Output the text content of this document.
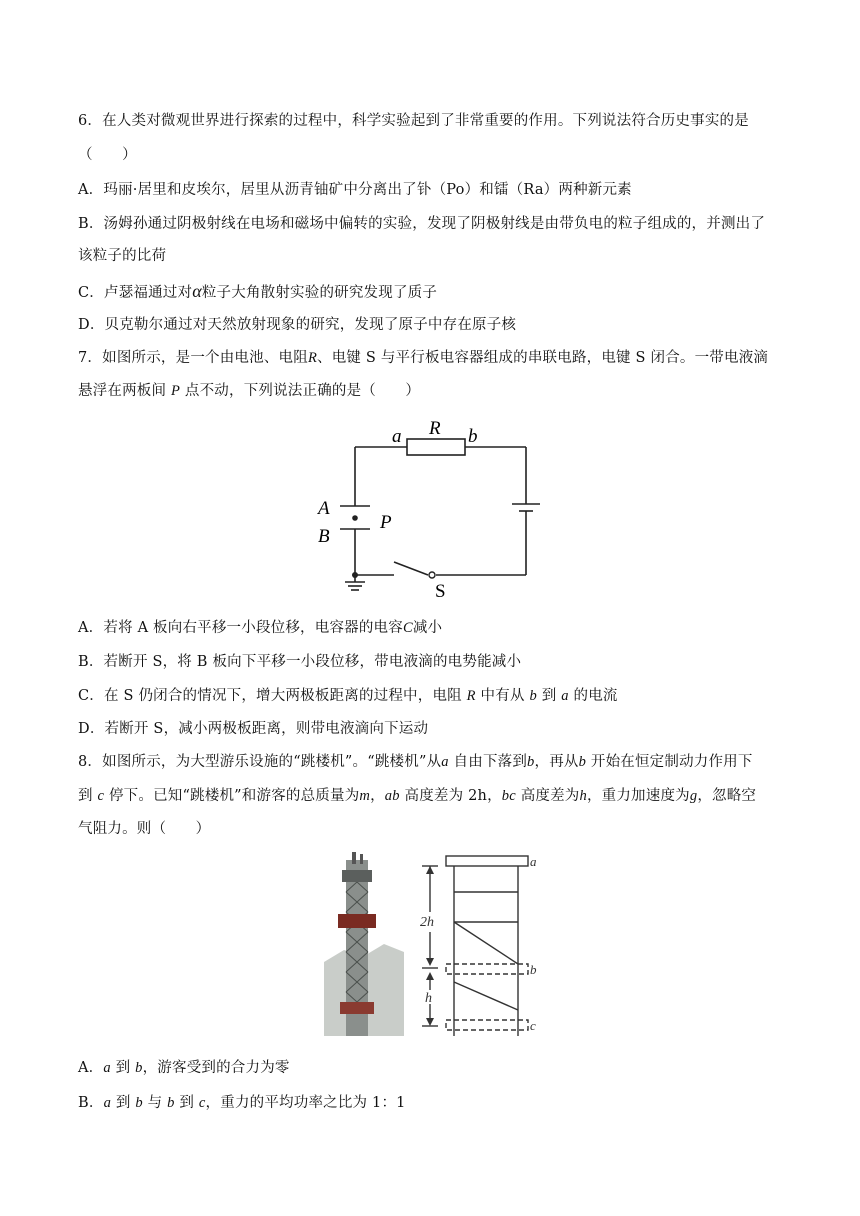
6．在人类对微观世界进行探索的过程中，科学实验起到了非常重要的作用。下列说法符合历史事实的是
（　　）
A．玛丽·居里和皮埃尔，居里从沥青铀矿中分离出了钋（Po）和镭（Ra）两种新元素
B．汤姆孙通过阴极射线在电场和磁场中偏转的实验，发现了阴极射线是由带负电的粒子组成的，并测出了
该粒子的比荷
C．卢瑟福通过对α粒子大角散射实验的研究发现了质子
D．贝克勒尔通过对天然放射现象的研究，发现了原子中存在原子核
7．如图所示，是一个由电池、电阻R、电键 S 与平行板电容器组成的串联电路，电键 S 闭合。一带电液滴
悬浮在两板间 P 点不动，下列说法正确的是（　　）
a R b
A
B
P
S
A．若将 A 板向右平移一小段位移，电容器的电容C减小
B．若断开 S，将 B 板向下平移一小段位移，带电液滴的电势能减小
C．在 S 仍闭合的情况下，增大两极板距离的过程中，电阻 R 中有从 b 到 a 的电流
D．若断开 S，减小两极板距离，则带电液滴向下运动
8．如图所示，为大型游乐设施的“跳楼机”。“跳楼机”从a 自由下落到b，再从b 开始在恒定制动力作用下
到 c 停下。已知“跳楼机”和游客的总质量为m，ab 高度差为 2h，bc 高度差为h，重力加速度为g，忽略空
气阻力。则（　　）
2h
h
a
b
c
A．a 到 b，游客受到的合力为零
B．a 到 b 与 b 到 c，重力的平均功率之比为 1：1
